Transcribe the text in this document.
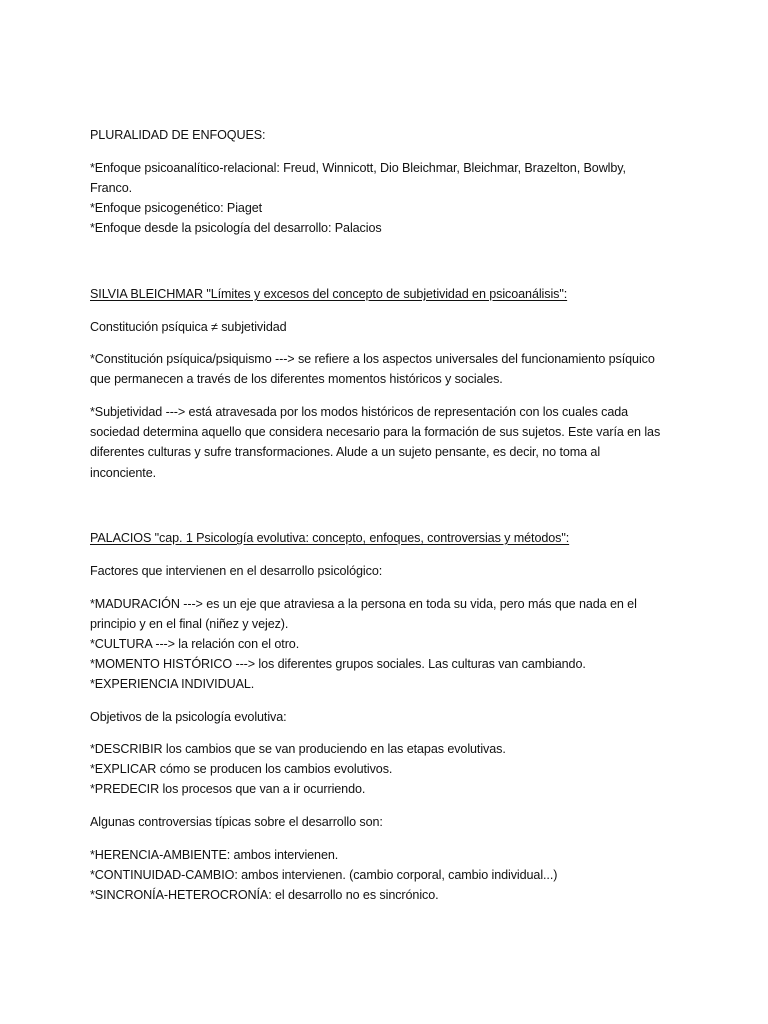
PLURALIDAD DE ENFOQUES:
*Enfoque psicoanalítico-relacional: Freud, Winnicott, Dio Bleichmar, Bleichmar, Brazelton, Bowlby,
Franco.
*Enfoque psicogenético: Piaget
*Enfoque desde la psicología del desarrollo: Palacios
SILVIA BLEICHMAR "Límites y excesos del concepto de subjetividad en psicoanálisis":
Constitución psíquica ≠ subjetividad
*Constitución psíquica/psiquismo ---> se refiere a los aspectos universales del funcionamiento psíquico
que permanecen a través de los diferentes momentos históricos y sociales.
*Subjetividad ---> está atravesada por los modos históricos de representación con los cuales cada
sociedad determina aquello que considera necesario para la formación de sus sujetos. Este varía en las
diferentes culturas y sufre transformaciones. Alude a un sujeto pensante, es decir, no toma al
inconciente.
PALACIOS "cap. 1 Psicología evolutiva: concepto, enfoques, controversias y métodos":
Factores que intervienen en el desarrollo psicológico:
*MADURACIÓN ---> es un eje que atraviesa a la persona en toda su vida, pero más que nada en el
principio y en el final (niñez y vejez).
*CULTURA ---> la relación con el otro.
*MOMENTO HISTÓRICO ---> los diferentes grupos sociales. Las culturas van cambiando.
*EXPERIENCIA INDIVIDUAL.
Objetivos de la psicología evolutiva:
*DESCRIBIR los cambios que se van produciendo en las etapas evolutivas.
*EXPLICAR cómo se producen los cambios evolutivos.
*PREDECIR los procesos que van a ir ocurriendo.
Algunas controversias típicas sobre el desarrollo son:
*HERENCIA-AMBIENTE: ambos intervienen.
*CONTINUIDAD-CAMBIO: ambos intervienen. (cambio corporal, cambio individual...)
*SINCRONÍA-HETEROCRONÍA: el desarrollo no es sincrónico.
